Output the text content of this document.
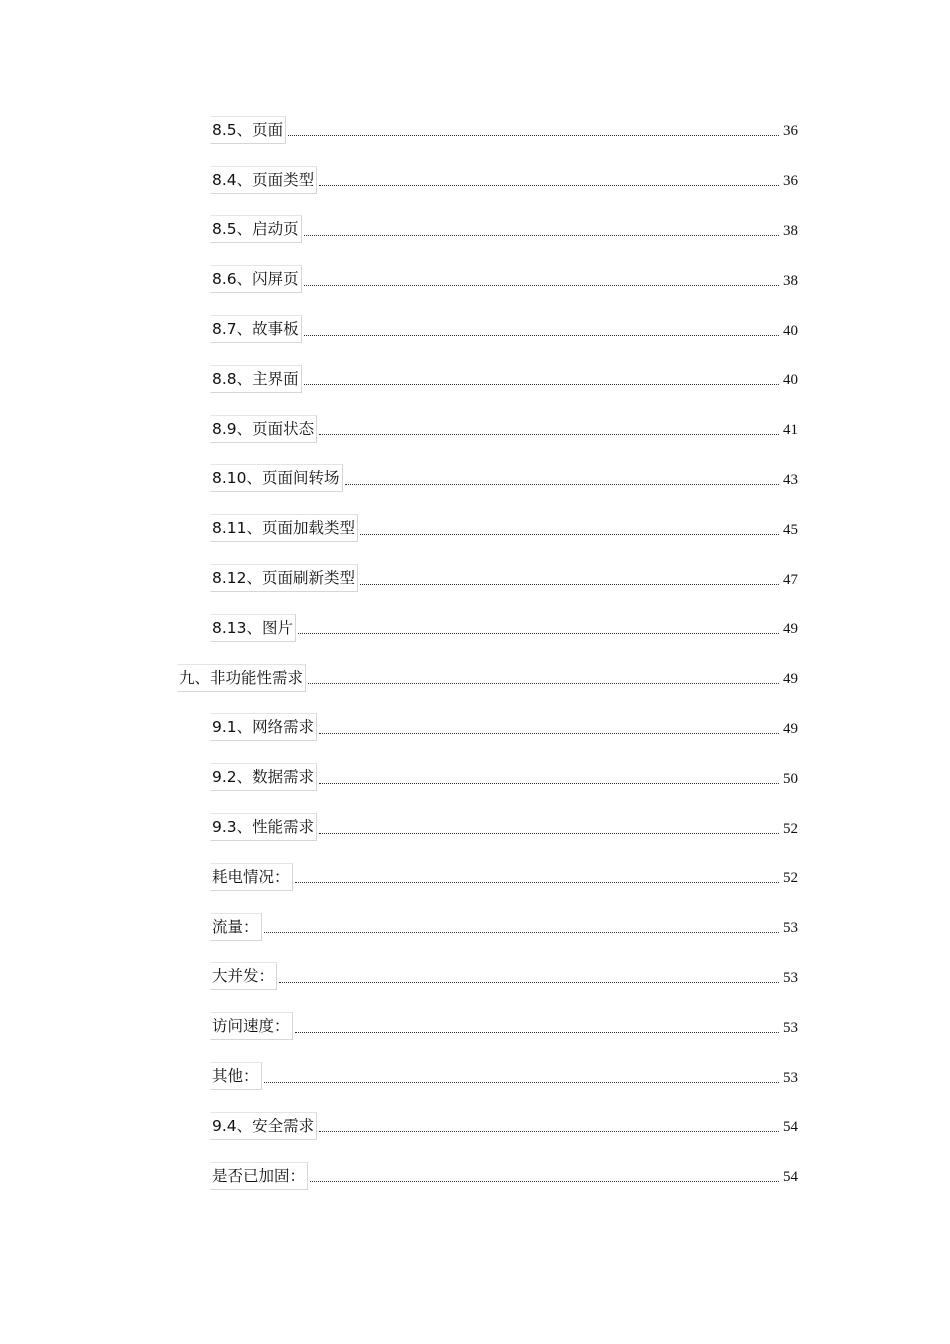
8.5、页面	36
8.4、页面类型	36
8.5、启动页	38
8.6、闪屏页	38
8.7、故事板	40
8.8、主界面	40
8.9、页面状态	41
8.10、页面间转场	43
8.11、页面加载类型	45
8.12、页面刷新类型	47
8.13、图片	49
九、非功能性需求	49
9.1、网络需求	49
9.2、数据需求	50
9.3、性能需求	52
耗电情况：	52
流量：	53
大并发：	53
访问速度：	53
其他：	53
9.4、安全需求	54
是否已加固：	54
